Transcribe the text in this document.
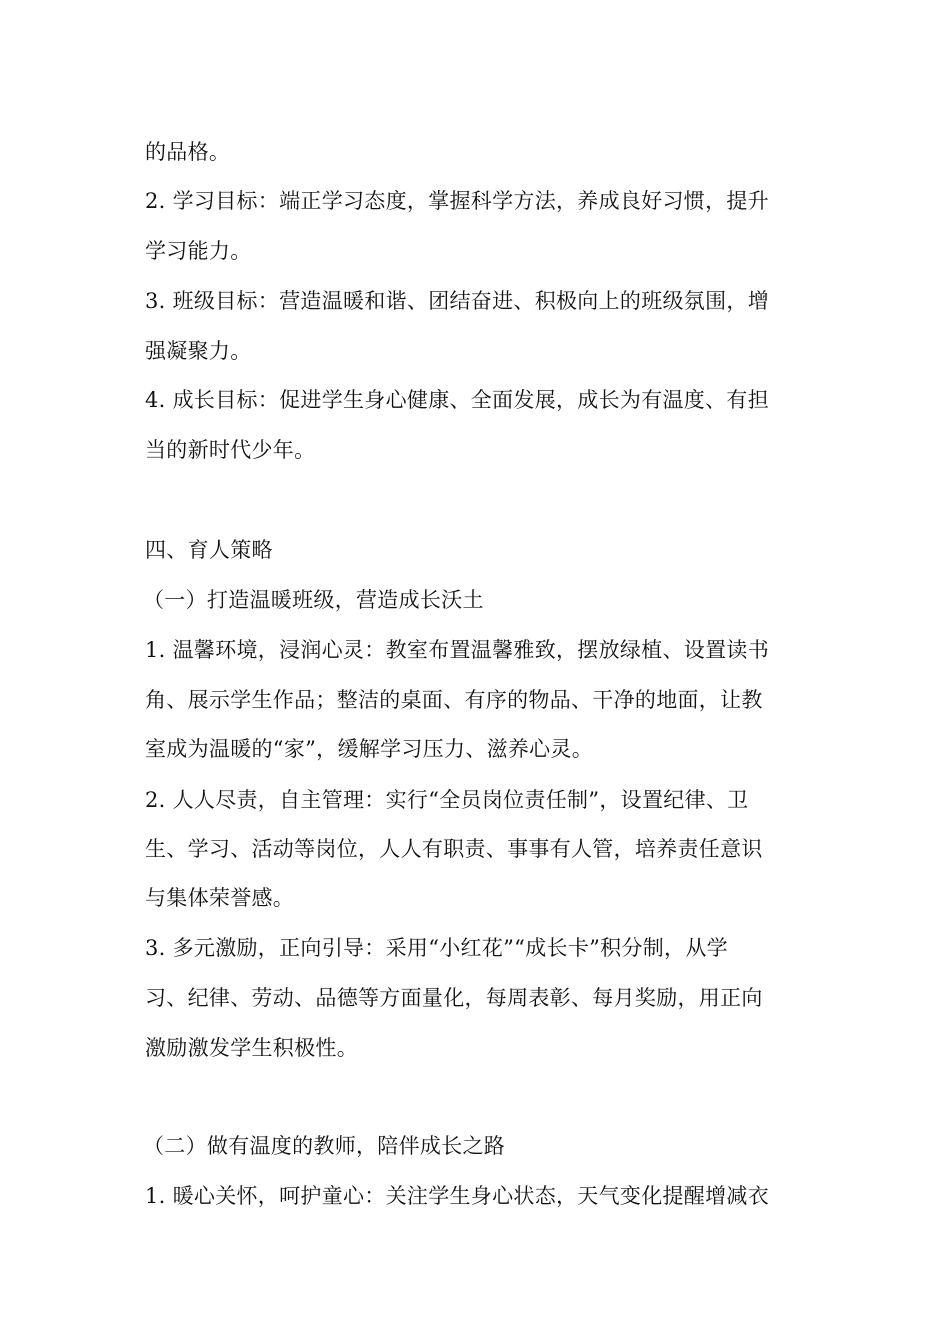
的品格。
2. 学习目标：端正学习态度，掌握科学方法，养成良好习惯，提升
学习能力。
3. 班级目标：营造温暖和谐、团结奋进、积极向上的班级氛围，增
强凝聚力。
4. 成长目标：促进学生身心健康、全面发展，成长为有温度、有担
当的新时代少年。
四、育人策略
（一）打造温暖班级，营造成长沃土
1. 温馨环境，浸润心灵：教室布置温馨雅致，摆放绿植、设置读书
角、展示学生作品；整洁的桌面、有序的物品、干净的地面，让教
室成为温暖的“家”，缓解学习压力、滋养心灵。
2. 人人尽责，自主管理：实行“全员岗位责任制”，设置纪律、卫
生、学习、活动等岗位，人人有职责、事事有人管，培养责任意识
与集体荣誉感。
3. 多元激励，正向引导：采用“小红花”“成长卡”积分制，从学
习、纪律、劳动、品德等方面量化，每周表彰、每月奖励，用正向
激励激发学生积极性。
（二）做有温度的教师，陪伴成长之路
1. 暖心关怀，呵护童心：关注学生身心状态，天气变化提醒增减衣
